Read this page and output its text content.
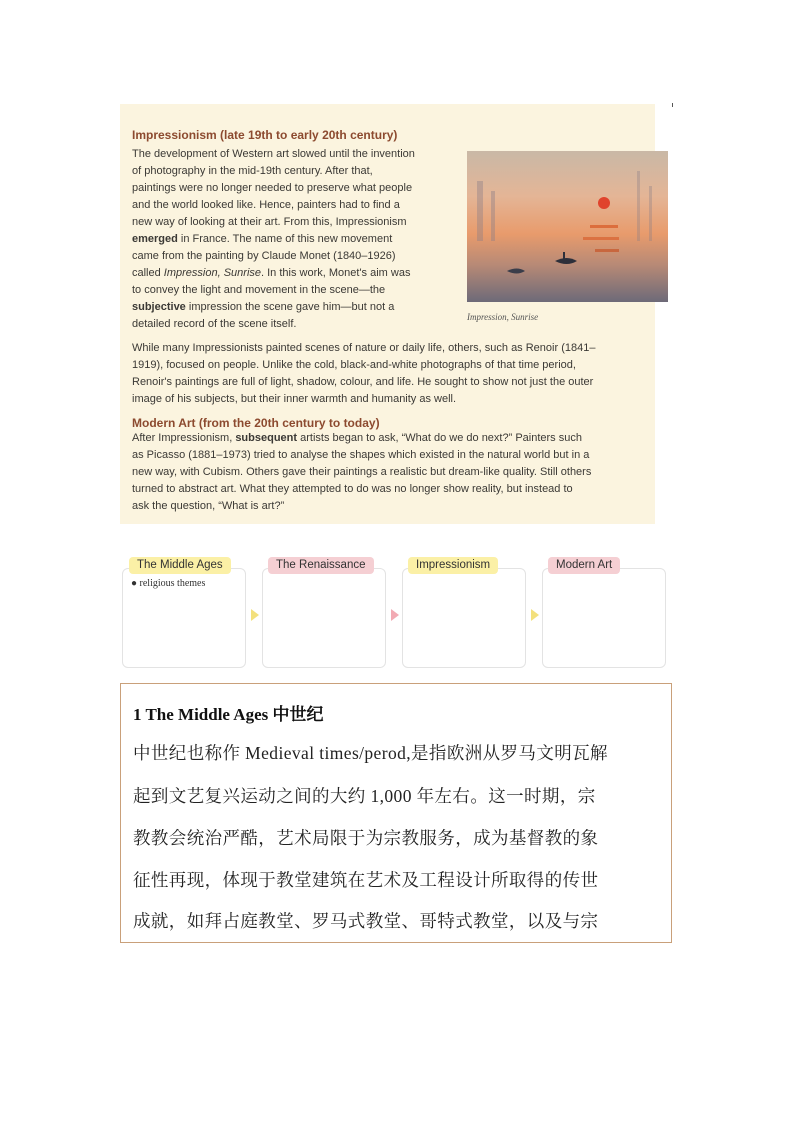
Impressionism (late 19th to early 20th century)
The development of Western art slowed until the invention
of photography in the mid-19th century. After that,
paintings were no longer needed to preserve what people
and the world looked like. Hence, painters had to find a
new way of looking at their art. From this, Impressionism
emerged in France. The name of this new movement
came from the painting by Claude Monet (1840–1926)
called Impression, Sunrise. In this work, Monet's aim was
to convey the light and movement in the scene—the
subjective impression the scene gave him—but not a
detailed record of the scene itself.
Impression, Sunrise
While many Impressionists painted scenes of nature or daily life, others, such as Renoir (1841–
1919), focused on people. Unlike the cold, black-and-white photographs of that time period,
Renoir's paintings are full of light, shadow, colour, and life. He sought to show not just the outer
image of his subjects, but their inner warmth and humanity as well.
Modern Art (from the 20th century to today)
After Impressionism, subsequent artists began to ask, “What do we do next?” Painters such
as Picasso (1881–1973) tried to analyse the shapes which existed in the natural world but in a
new way, with Cubism. Others gave their paintings a realistic but dream-like quality. Still others
turned to abstract art. What they attempted to do was no longer show reality, but instead to
ask the question, “What is art?”
The Middle Ages	The Renaissance	Impressionism	Modern Art
● religious themes
1 The Middle Ages 中世纪
中世纪也称作 Medieval times/perod,是指欧洲从罗马文明瓦解
起到文艺复兴运动之间的大约 1,000 年左右。这一时期，宗
教教会统治严酷，艺术局限于为宗教服务，成为基督教的象
征性再现，体现于教堂建筑在艺术及工程设计所取得的传世
成就，如拜占庭教堂、罗马式教堂、哥特式教堂，以及与宗
